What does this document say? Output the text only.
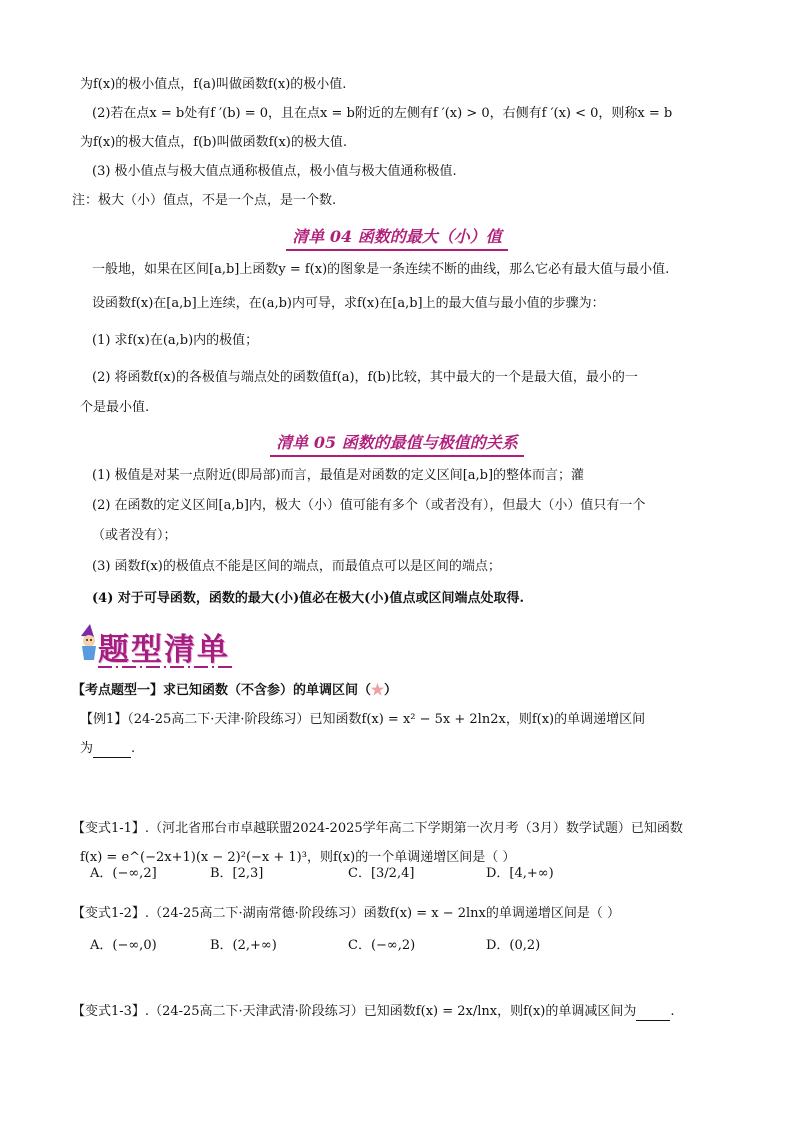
为f(x)的极小值点，f(a)叫做函数f(x)的极小值.
(2)若在点x = b处有f ′(b) = 0，且在点x = b附近的左侧有f ′(x) > 0，右侧有f ′(x) < 0，则称x = b
为f(x)的极大值点，f(b)叫做函数f(x)的极大值.
(3) 极小值点与极大值点通称极值点，极小值与极大值通称极值.
注：极大（小）值点，不是一个点，是一个数.
清单 04 函数的最大（小）值
一般地，如果在区间[a,b]上函数y = f(x)的图象是一条连续不断的曲线，那么它必有最大值与最小值.
设函数f(x)在[a,b]上连续，在(a,b)内可导，求f(x)在[a,b]上的最大值与最小值的步骤为：
(1) 求f(x)在(a,b)内的极值；
(2) 将函数f(x)的各极值与端点处的函数值f(a)，f(b)比较，其中最大的一个是最大值，最小的一
个是最小值.
清单 05 函数的最值与极值的关系
(1) 极值是对某一点附近(即局部)而言，最值是对函数的定义区间[a,b]的整体而言；灌
(2) 在函数的定义区间[a,b]内，极大（小）值可能有多个（或者没有），但最大（小）值只有一个
（或者没有）；
(3) 函数f(x)的极值点不能是区间的端点，而最值点可以是区间的端点；
(4) 对于可导函数，函数的最大(小)值必在极大(小)值点或区间端点处取得.
题型清单
【考点题型一】求已知函数（不含参）的单调区间（★）
【例1】（24-25高二下·天津·阶段练习）已知函数f(x) = x² − 5x + 2ln2x，则f(x)的单调递增区间
为	.
【变式1-1】.（河北省邢台市卓越联盟2024-2025学年高二下学期第一次月考（3月）数学试题）已知函数
f(x) = e^(−2x+1)(x − 2)²(−x + 1)³，则f(x)的一个单调递增区间是（ ）
A．(−∞,2]	B．[2,3]	C．[3/2,4]	D．[4,+∞)
【变式1-2】.（24-25高二下·湖南常德·阶段练习）函数f(x) = x − 2lnx的单调递增区间是（ ）
A．(−∞,0)	B．(2,+∞)	C．(−∞,2)	D．(0,2)
【变式1-3】.（24-25高二下·天津武清·阶段练习）已知函数f(x) = 2x/lnx，则f(x)的单调减区间为	.
